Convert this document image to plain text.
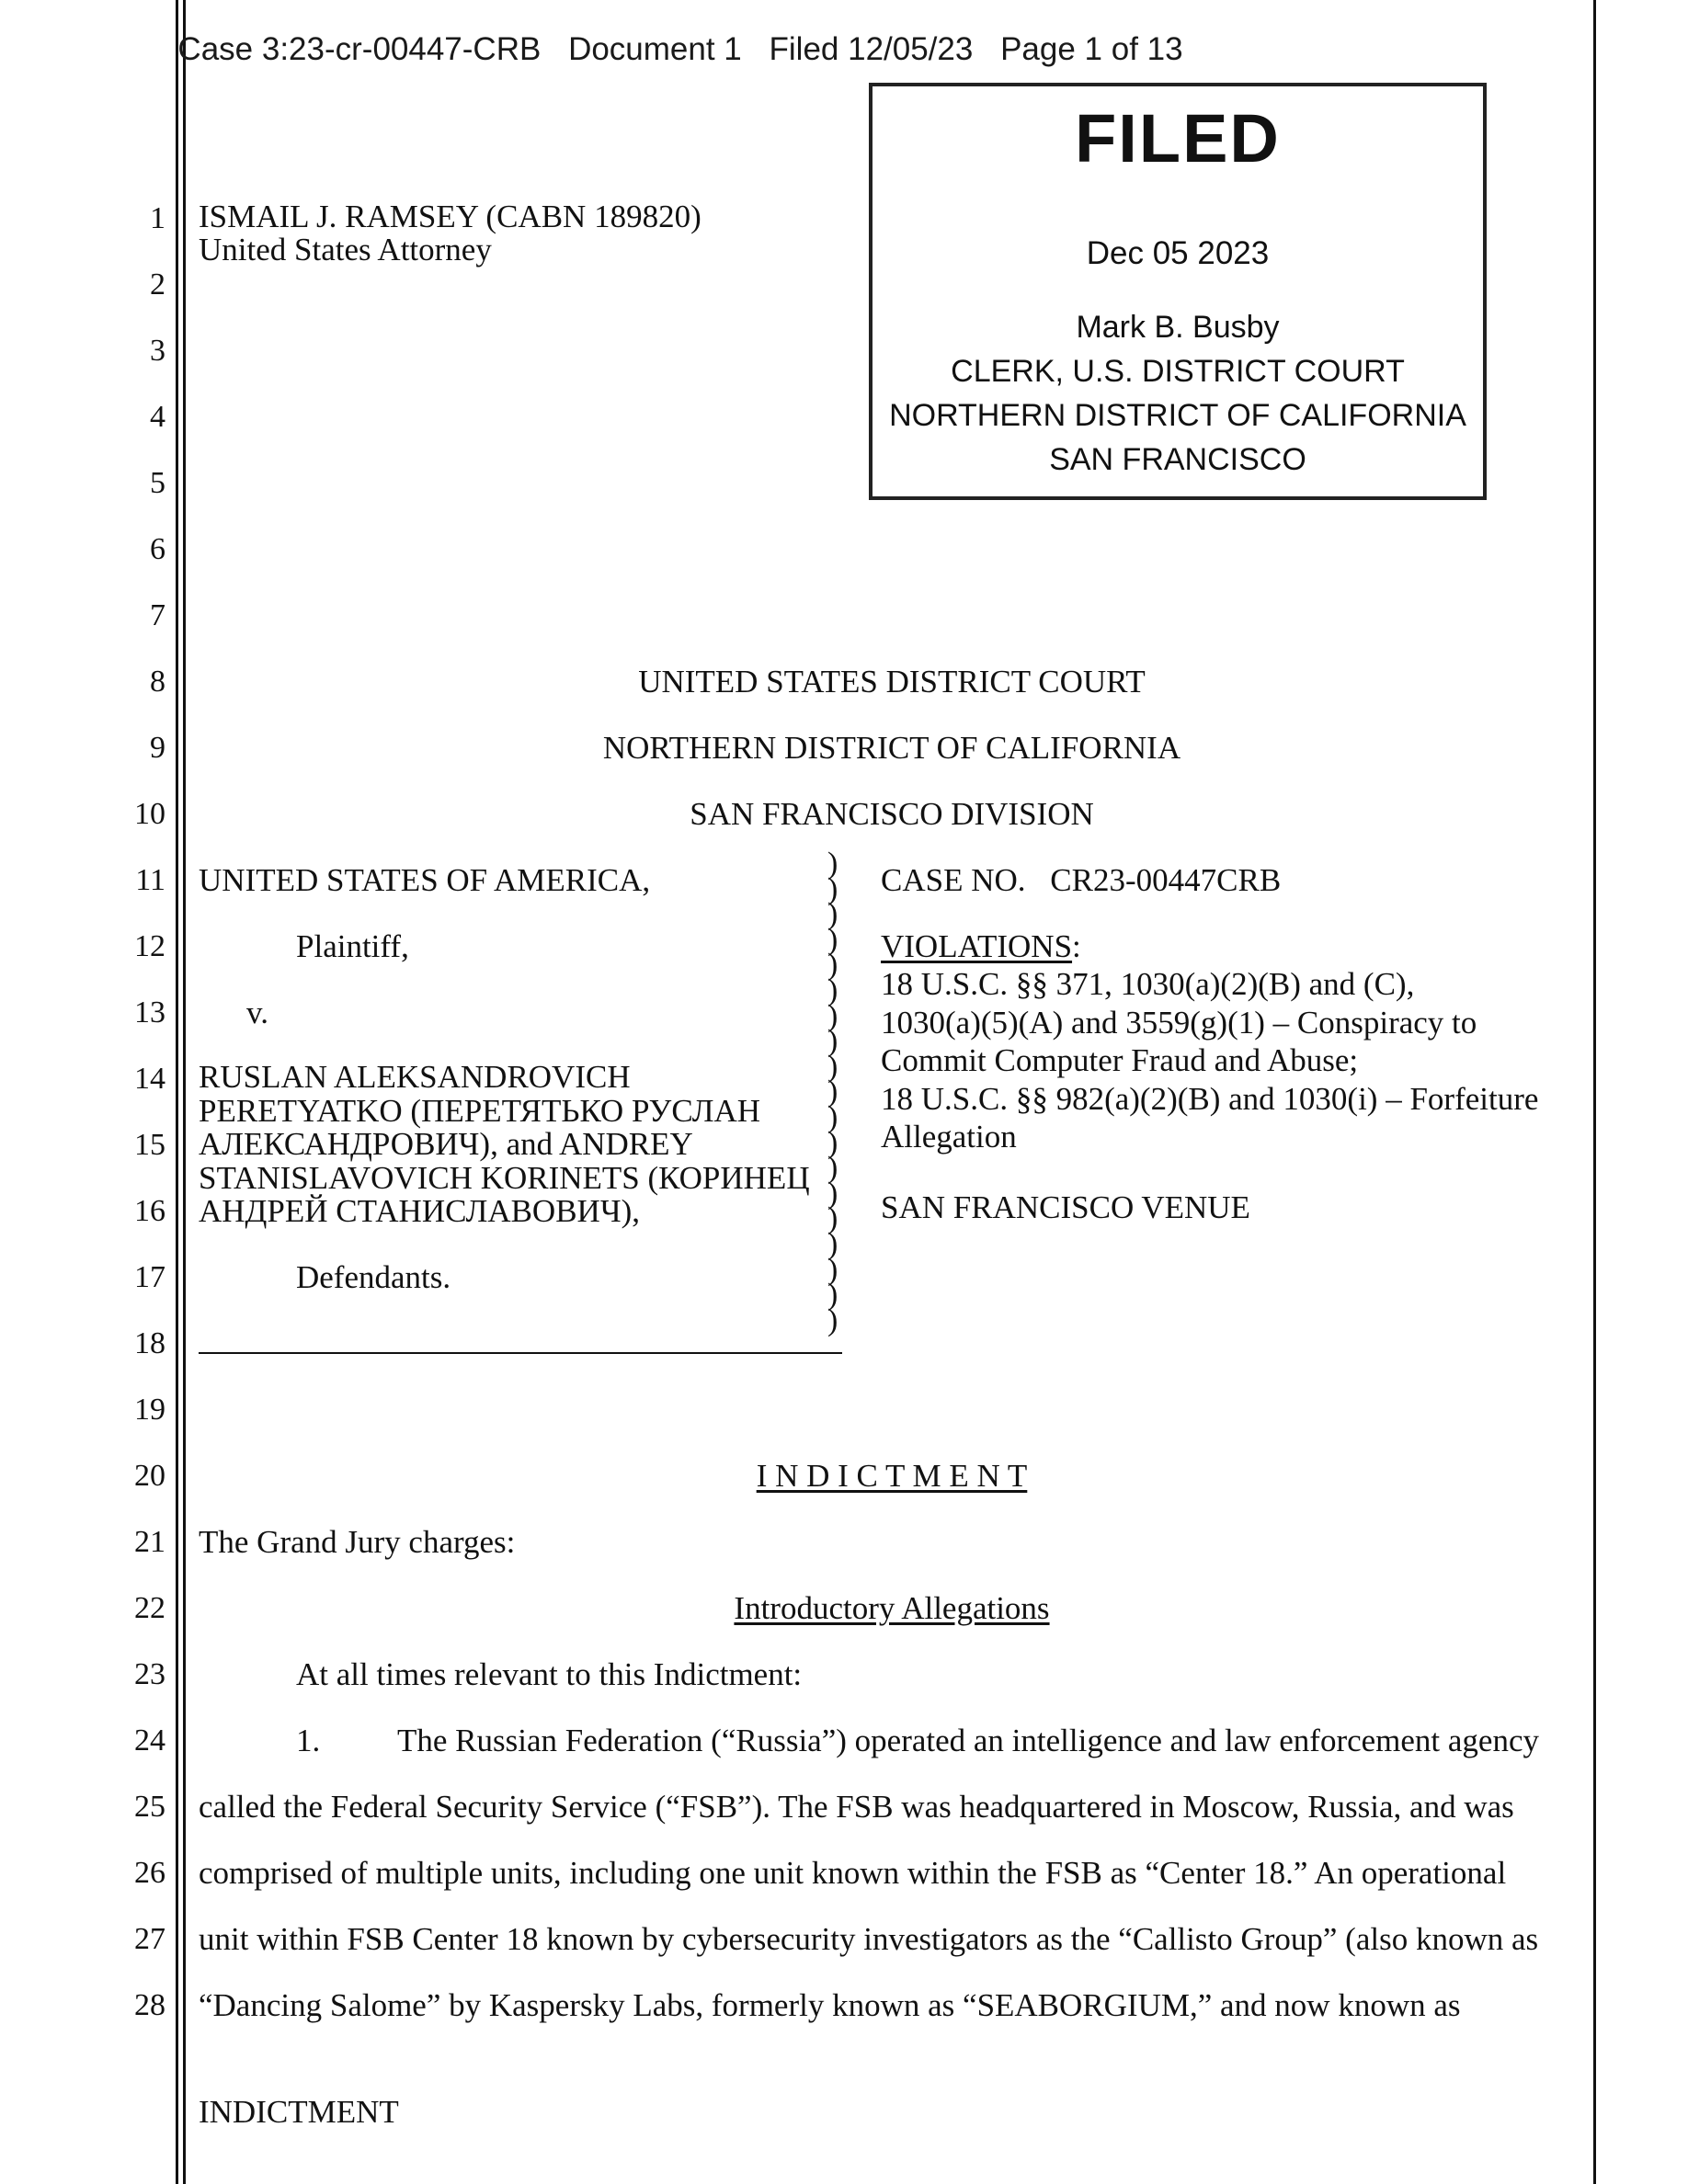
Case 3:23-cr-00447-CRB Document 1 Filed 12/05/23 Page 1 of 13
FILED
Dec 05 2023
Mark B. Busby
CLERK, U.S. DISTRICT COURT
NORTHERN DISTRICT OF CALIFORNIA
SAN FRANCISCO
1
2
3
4
5
6
7
8
9
10
11
12
13
14
15
16
17
18
19
20
21
22
23
24
25
26
27
28
ISMAIL J. RAMSEY (CABN 189820)
United States Attorney
UNITED STATES DISTRICT COURT
NORTHERN DISTRICT OF CALIFORNIA
SAN FRANCISCO DIVISION
UNITED STATES OF AMERICA,
Plaintiff,
v.
RUSLAN ALEKSANDROVICH
PERETYATKO (ПЕРЕТЯТЬКО РУСЛАН
АЛЕКСАНДРОВИЧ), and ANDREY
STANISLAVOVICH KORINETS (КОРИНЕЦ
АНДРЕЙ СТАНИСЛАВОВИЧ),
Defendants.
)
)
)
)
)
)
)
)
)
)
)
)
)
)
)
)
)
)
)
CASE NO. CR23-00447CRB
VIOLATIONS:
18 U.S.C. §§ 371, 1030(a)(2)(B) and (C),
1030(a)(5)(A) and 3559(g)(1) – Conspiracy to
Commit Computer Fraud and Abuse;
18 U.S.C. §§ 982(a)(2)(B) and 1030(i) – Forfeiture
Allegation
SAN FRANCISCO VENUE
I N D I C T M E N T
The Grand Jury charges:
Introductory Allegations
At all times relevant to this Indictment:
1. The Russian Federation (“Russia”) operated an intelligence and law enforcement agency
called the Federal Security Service (“FSB”). The FSB was headquartered in Moscow, Russia, and was
comprised of multiple units, including one unit known within the FSB as “Center 18.” An operational
unit within FSB Center 18 known by cybersecurity investigators as the “Callisto Group” (also known as
“Dancing Salome” by Kaspersky Labs, formerly known as “SEABORGIUM,” and now known as
INDICTMENT
